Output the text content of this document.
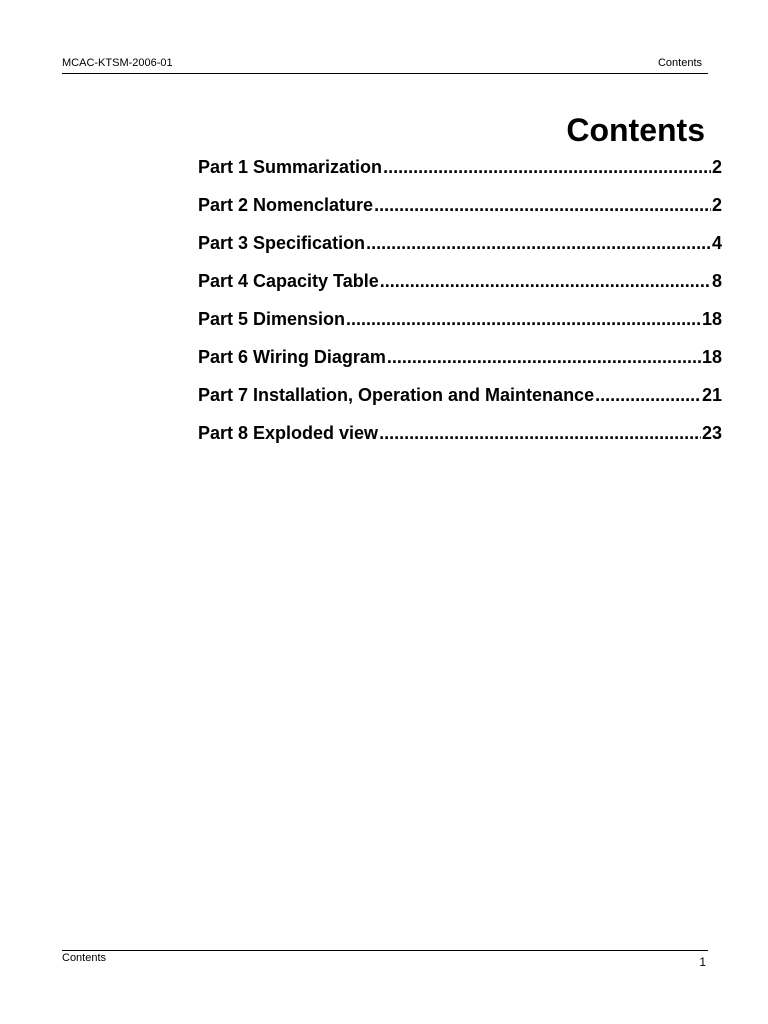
MCAC-KTSM-2006-01	Contents
Contents
Part 1 Summarization .....	2
Part 2 Nomenclature .....	2
Part 3 Specification .....	4
Part 4 Capacity Table .....	8
Part 5 Dimension .....	18
Part 6 Wiring Diagram .....	18
Part 7 Installation, Operation and Maintenance .....	21
Part 8 Exploded view .....	23
Contents	1
